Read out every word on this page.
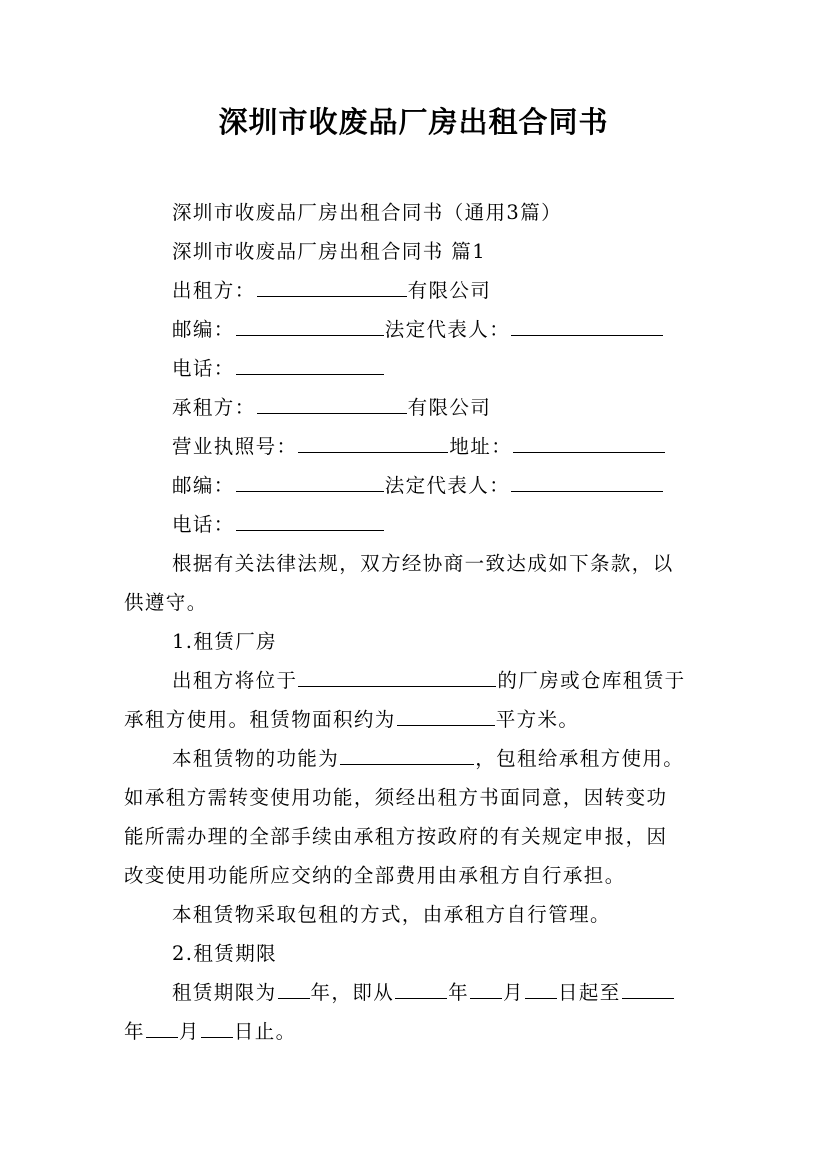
深圳市收废品厂房出租合同书
深圳市收废品厂房出租合同书（通用3篇）
深圳市收废品厂房出租合同书 篇1
出租方：	有限公司
邮编：	法定代表人：
电话：
承租方：	有限公司
营业执照号：	地址：
邮编：	法定代表人：
电话：
根据有关法律法规，双方经协商一致达成如下条款，以
供遵守。
1.租赁厂房
出租方将位于	的厂房或仓库租赁于
承租方使用。租赁物面积约为	平方米。
本租赁物的功能为	，包租给承租方使用。
如承租方需转变使用功能，须经出租方书面同意，因转变功
能所需办理的全部手续由承租方按政府的有关规定申报，因
改变使用功能所应交纳的全部费用由承租方自行承担。
本租赁物采取包租的方式，由承租方自行管理。
2.租赁期限
租赁期限为 年，即从	年 月 日起至
年 月 日止。
